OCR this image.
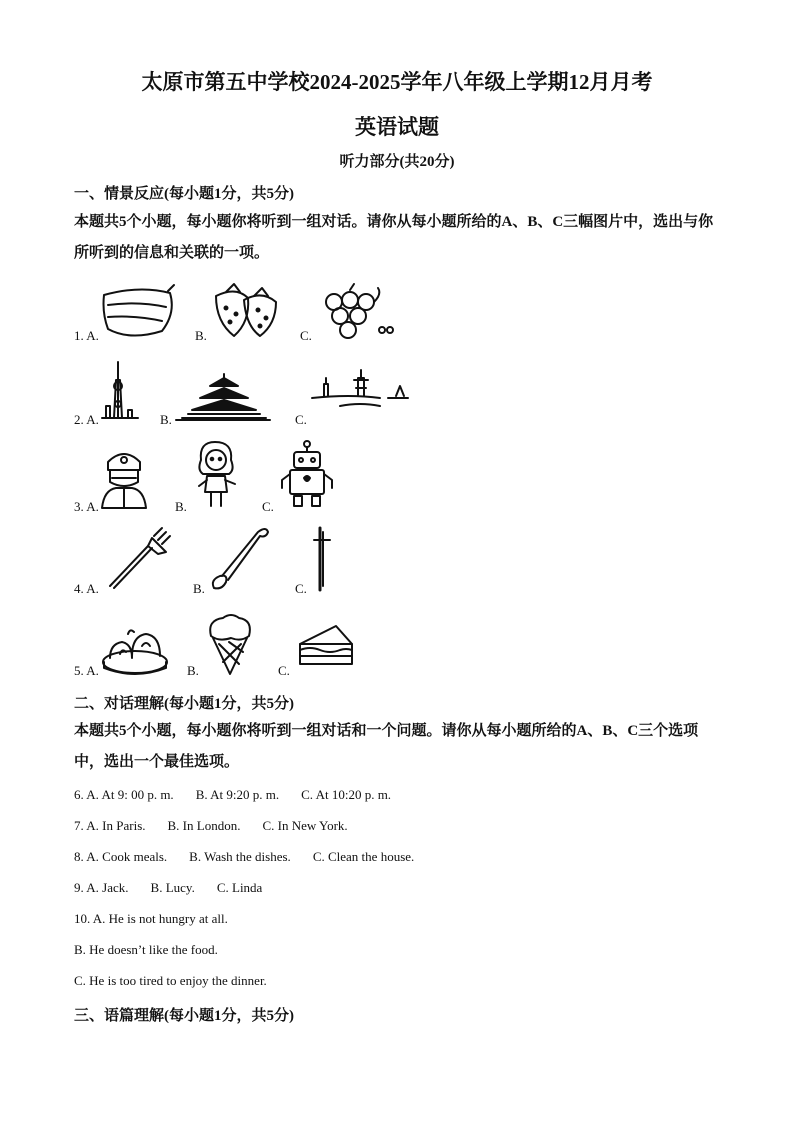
太原市第五中学校2024-2025学年八年级上学期12月月考
英语试题
听力部分(共20分)
一、情景反应(每小题1分，共5分)
本题共5个小题，每小题你将听到一组对话。请你从每小题所给的A、B、C三幅图片中，选出与你所听到的信息和关联的一项。
1. A.	B.	C.
2. A.	B.	C.
3. A.	B.	C.
4. A.	B.	C.
5. A.	B.	C.
二、对话理解(每小题1分，共5分)
本题共5个小题，每小题你将听到一组对话和一个问题。请你从每小题所给的A、B、C三个选项中，选出一个最佳选项。
6. A. At 9: 00 p. m. B. At 9:20 p. m. C. At 10:20 p. m.
7. A. In Paris. B. In London. C. In New York.
8. A. Cook meals. B. Wash the dishes. C. Clean the house.
9. A. Jack. B. Lucy. C. Linda
10. A. He is not hungry at all.
B. He doesn’t like the food.
C. He is too tired to enjoy the dinner.
三、语篇理解(每小题1分，共5分)
